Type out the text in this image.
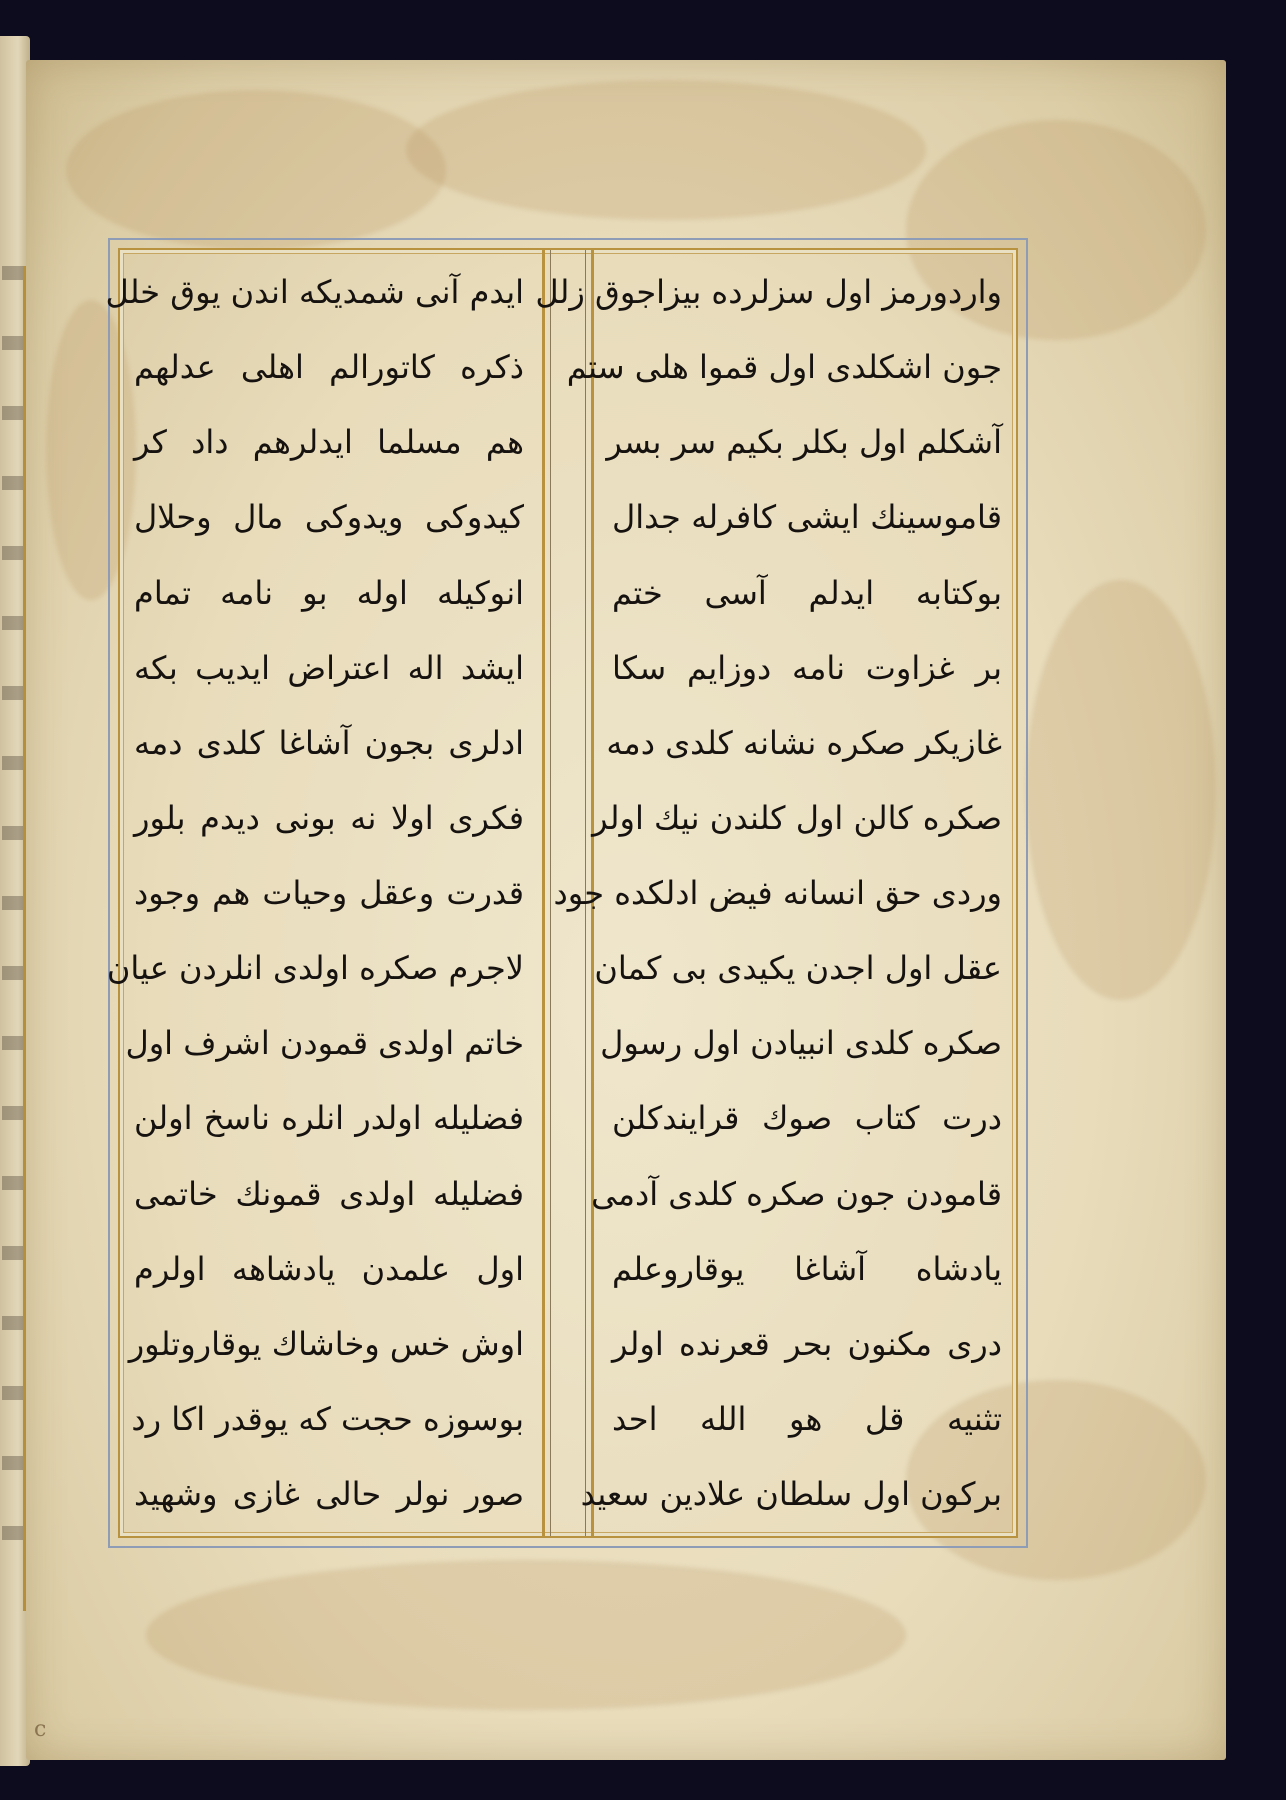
واردورمز اول سزلرده بیزاجوق زلل
جون اشکلدی اول قموا هلی ستم
آشکلم اول بکلر بکیم سر بسر
قاموسینك ایشی کافرله جدال
بوکتابه ایدلم آسی ختم
بر غزاوت نامه دوزایم سکا
غازیکر صکره نشانه کلدی دمه
صکره کالن اول کلندن نیك اولر
وردی حق انسانه فیض ادلکده جود
عقل اول اجدن یکیدی بی کمان
صکره کلدی انبیادن اول رسول
درت کتاب صوك قرایندکلن
قامودن جون صکره کلدی آدمی
یادشاه آشاغا یوقاروعلم
دری مکنون بحر قعرنده اولر
تثنیه قل هو الله احد
برکون اول سلطان علادین سعید
ایدم آنی شمدیکه اندن یوق خلل
ذکره کاتورالم اهلی عدلهم
هم مسلما ایدلرهم داد کر
کیدوکی ویدوکی مال وحلال
انوکیله اوله بو نامه تمام
ایشد اله اعتراض ایدیب بکه
ادلری بجون آشاغا کلدی دمه
فکری اولا نه بونی دیدم بلور
قدرت وعقل وحیات هم وجود
لاجرم صکره اولدی انلردن عیان
خاتم اولدی قمودن اشرف اول
فضلیله اولدر انلره ناسخ اولن
فضلیله اولدی قمونك خاتمی
اول علمدن یادشاهه اولرم
اوش خس وخاشاك یوقاروتلور
بوسوزه حجت که یوقدر اکا رد
صور نولر حالی غازی وشهید
c
